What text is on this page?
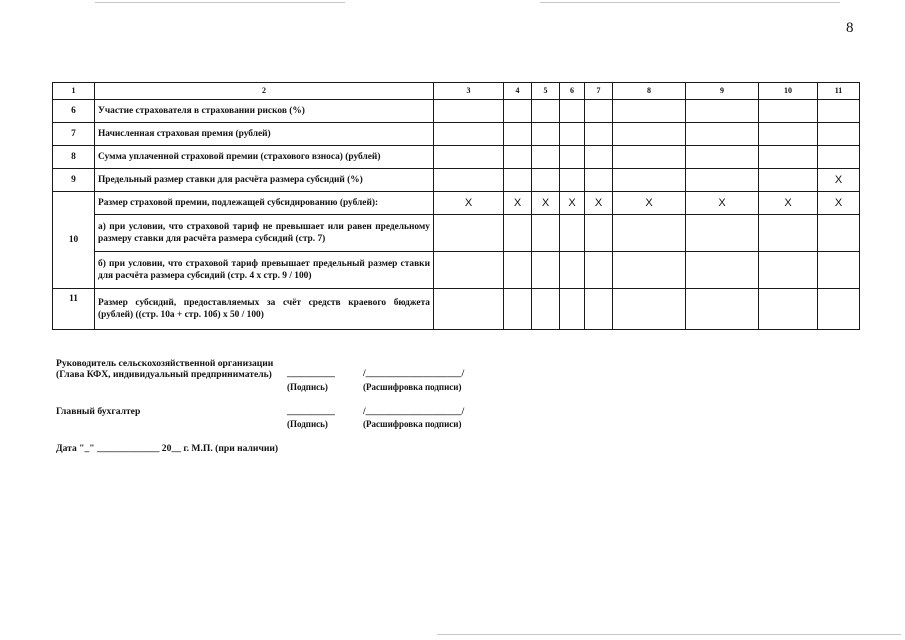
8
1	2	3	4	5	6	7	8	9	10	11
6	Участие страхователя в страховании рисков (%)									
7	Начисленная страховая премия (рублей)									
8	Сумма уплаченной страховой премии (страхового взноса) (рублей)									
9	Предельный размер ставки для расчёта размера субсидий (%)									X
10	Размер страховой премии, подлежащей субсидированию (рублей):	X	X	X	X	X	X	X	X	X
	а) при условии, что страховой тариф не превышает или равен предельному размеру ставки для расчёта размера субсидий (стр. 7)									
	б) при условии, что страховой тариф превышает предельный размер ставки для расчёта размера субсидий (стр. 4 х стр. 9 / 100)									
11	Размер субсидий, предоставляемых за счёт средств краевого бюджета (рублей) ((стр. 10а + стр. 10б) х 50 / 100)									
Руководитель сельскохозяйственной организации
(Глава КФХ, индивидуальный предприниматель) __________	/____________________/
(Подпись)	(Расшифровка подписи)
Главный бухгалтер	__________	/____________________/
(Подпись)	(Расшифровка подписи)
Дата "_" _____________ 20__ г. М.П. (при наличии)
